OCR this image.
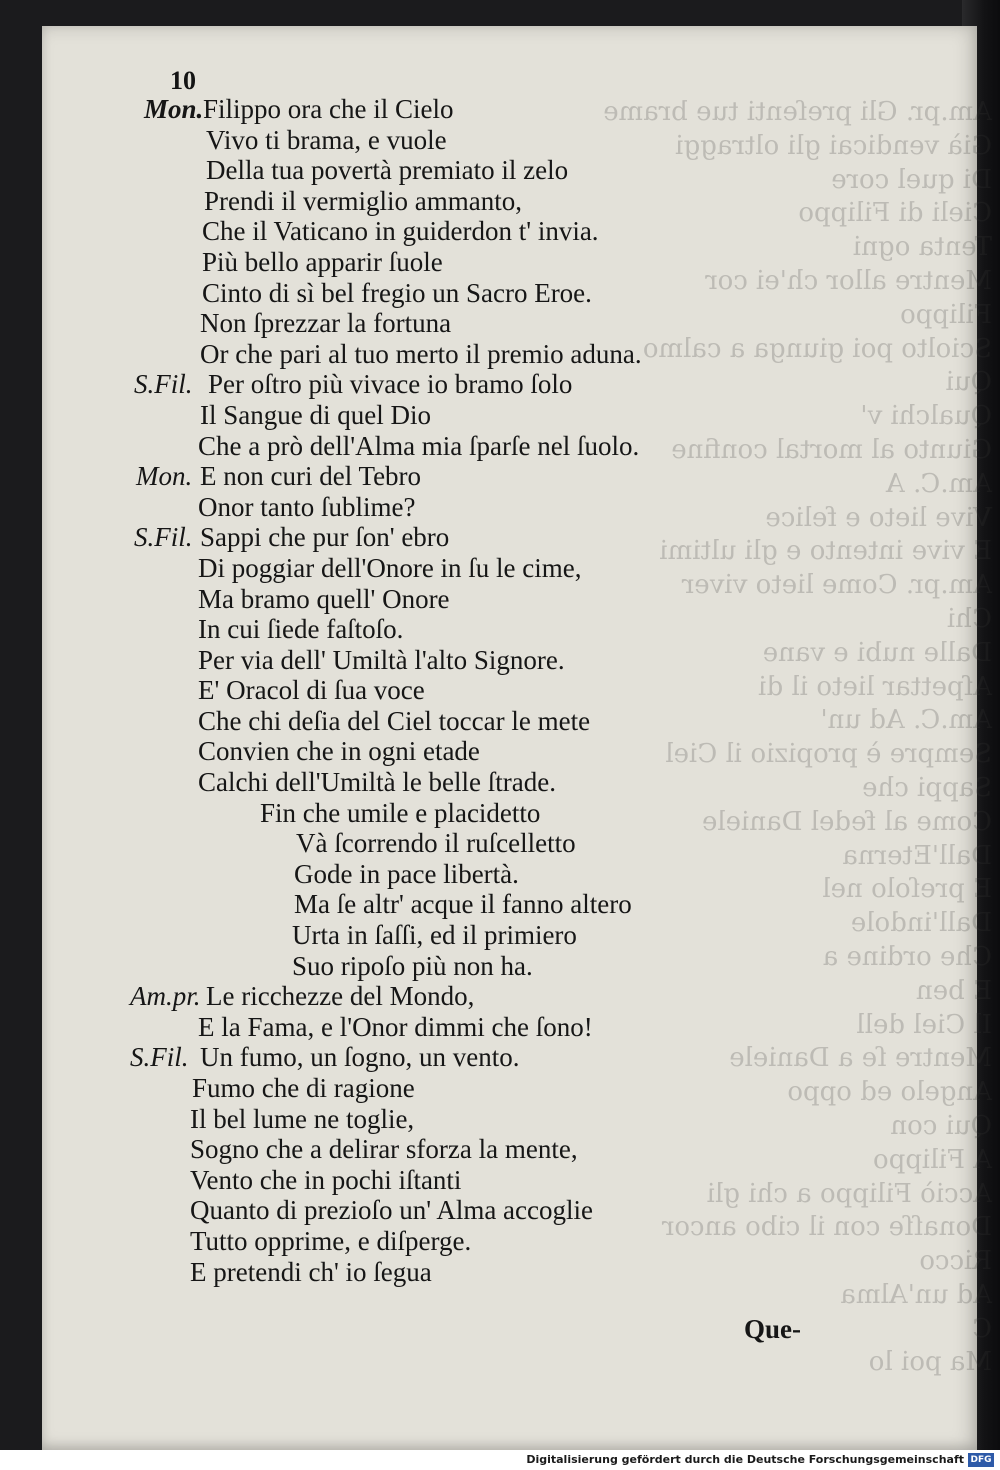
Am.pr. Gli preſenti tue brame
Già vendicai gli oltraggi
Di quel core
Cieli di Filippo
Tenta ogni
Mentre allor ch'ei cor
Filippo
Sciolto poi giunga a calmo
Qui
Qualchi v'
Giunto al mortal confine
Am.C. A
Vive lieto e felice
E vive intento e gli ultimi
Am.pr. Come lieto viver
Chi
Dalle nubi e vane
Aſpettar lieto il di
Am.C. Ad un'
Sempre è propizio il Ciel
Sappi che
Come al fedel Daniele
Dall'Eterna
E preſolo nel
Dall'indole
Che ordine a
E ben
Il Ciel dell
Mentre ſe a Daniele
Angelo ed oppo
Qui con
A Filippo
Acciò Filippo a chi gli
Donaſſe con il cibo ancor
Ricco
Ad un'Alma
C
Ma poi lo
10
Mon. Filippo ora che il Cielo
Vivo ti brama, e vuole
Della tua povertà premiato il zelo
Prendi il vermiglio ammanto,
Che il Vaticano in guiderdon t' invia.
Più bello apparir ſuole
Cinto di sì bel fregio un Sacro Eroe.
Non ſprezzar la fortuna
Or che pari al tuo merto il premio aduna.
S.Fil. Per oſtro più vivace io bramo ſolo
Il Sangue di quel Dio
Che a prò dell'Alma mia ſparſe nel ſuolo.
Mon. E non curi del Tebro
Onor tanto ſublime?
S.Fil. Sappi che pur ſon' ebro
Di poggiar dell'Onore in ſu le cime,
Ma bramo quell' Onore
In cui ſiede faſtoſo.
Per via dell' Umiltà l'alto Signore.
E' Oracol di ſua voce
Che chi deſia del Ciel toccar le mete
Convien che in ogni etade
Calchi dell'Umiltà le belle ſtrade.
Fin che umile e placidetto
Và ſcorrendo il ruſcelletto
Gode in pace libertà.
Ma ſe altr' acque il fanno altero
Urta in ſaſſi, ed il primiero
Suo ripoſo più non ha.
Am.pr. Le ricchezze del Mondo,
E la Fama, e l'Onor dimmi che ſono!
S.Fil. Un fumo, un ſogno, un vento.
Fumo che di ragione
Il bel lume ne toglie,
Sogno che a delirar sforza la mente,
Vento che in pochi iſtanti
Quanto di prezioſo un' Alma accoglie
Tutto opprime, e diſperge.
E pretendi ch' io ſegua
Que-
Digitalisierung gefördert durch die Deutsche Forschungsgemeinschaft DFG
